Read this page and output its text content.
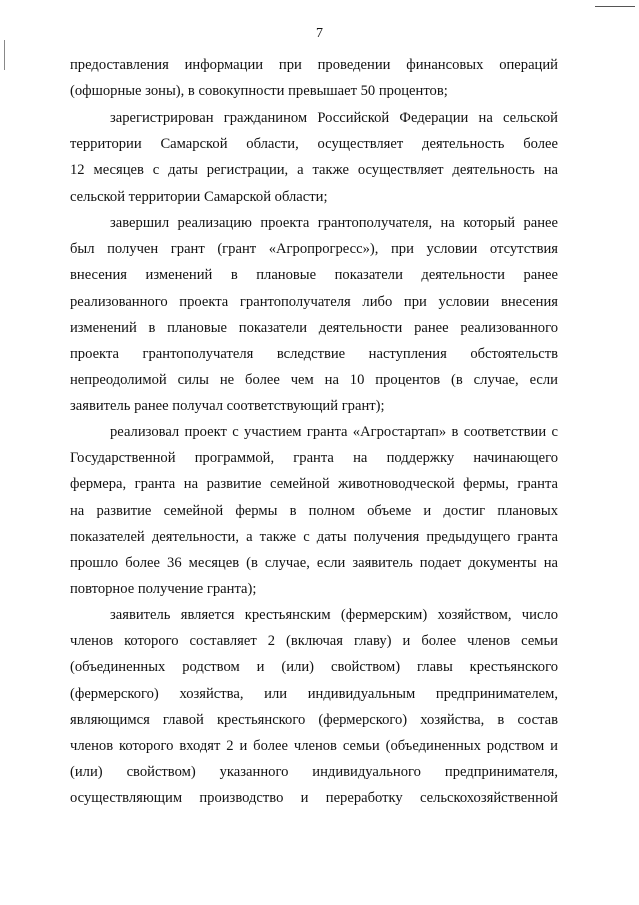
7
предоставления информации при проведении финансовых операций
(офшорные зоны), в совокупности превышает 50 процентов;
зарегистрирован гражданином Российской Федерации на сельской
территории Самарской области, осуществляет деятельность более
12 месяцев с даты регистрации, а также осуществляет деятельность на
сельской территории Самарской области;
завершил реализацию проекта грантополучателя, на который ранее
был получен грант (грант «Агропрогресс»), при условии отсутствия
внесения изменений в плановые показатели деятельности ранее
реализованного проекта грантополучателя либо при условии внесения
изменений в плановые показатели деятельности ранее реализованного
проекта грантополучателя вследствие наступления обстоятельств
непреодолимой силы не более чем на 10 процентов (в случае, если
заявитель ранее получал соответствующий грант);
реализовал проект с участием гранта «Агростартап» в соответствии с
Государственной программой, гранта на поддержку начинающего
фермера, гранта на развитие семейной животноводческой фермы, гранта
на развитие семейной фермы в полном объеме и достиг плановых
показателей деятельности, а также с даты получения предыдущего гранта
прошло более 36 месяцев (в случае, если заявитель подает документы на
повторное получение гранта);
заявитель является крестьянским (фермерским) хозяйством, число
членов которого составляет 2 (включая главу) и более членов семьи
(объединенных родством и (или) свойством) главы крестьянского
(фермерского) хозяйства, или индивидуальным предпринимателем,
являющимся главой крестьянского (фермерского) хозяйства, в состав
членов которого входят 2 и более членов семьи (объединенных родством и
(или) свойством) указанного индивидуального предпринимателя,
осуществляющим производство и переработку сельскохозяйственной
